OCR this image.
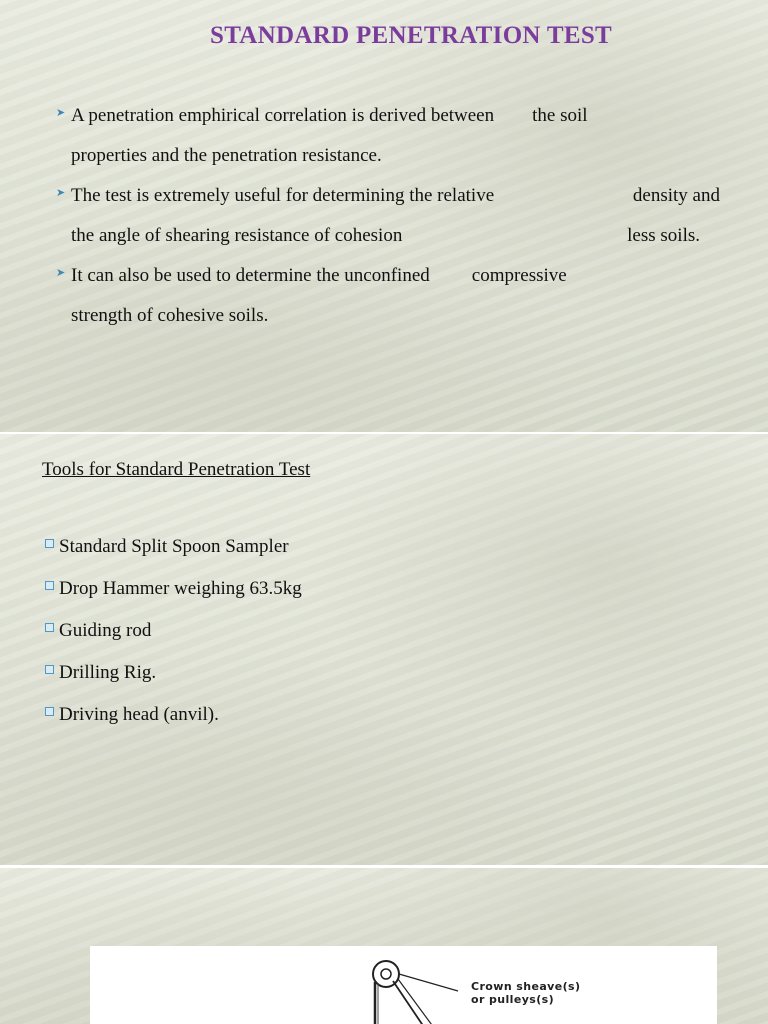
STANDARD PENETRATION TEST
➤ A penetration emphirical correlation is derived between the soil
properties and the penetration resistance.
➤ The test is extremely useful for determining the relative	density and
the angle of shearing resistance of cohesion	less soils.
➤ It can also be used to determine the unconfined compressive
strength of cohesive soils.
Tools for Standard Penetration Test
Standard Split Spoon Sampler
Drop Hammer weighing 63.5kg
Guiding rod
Drilling Rig.
Driving head (anvil).
Crown sheave(s)
or pulleys(s)
